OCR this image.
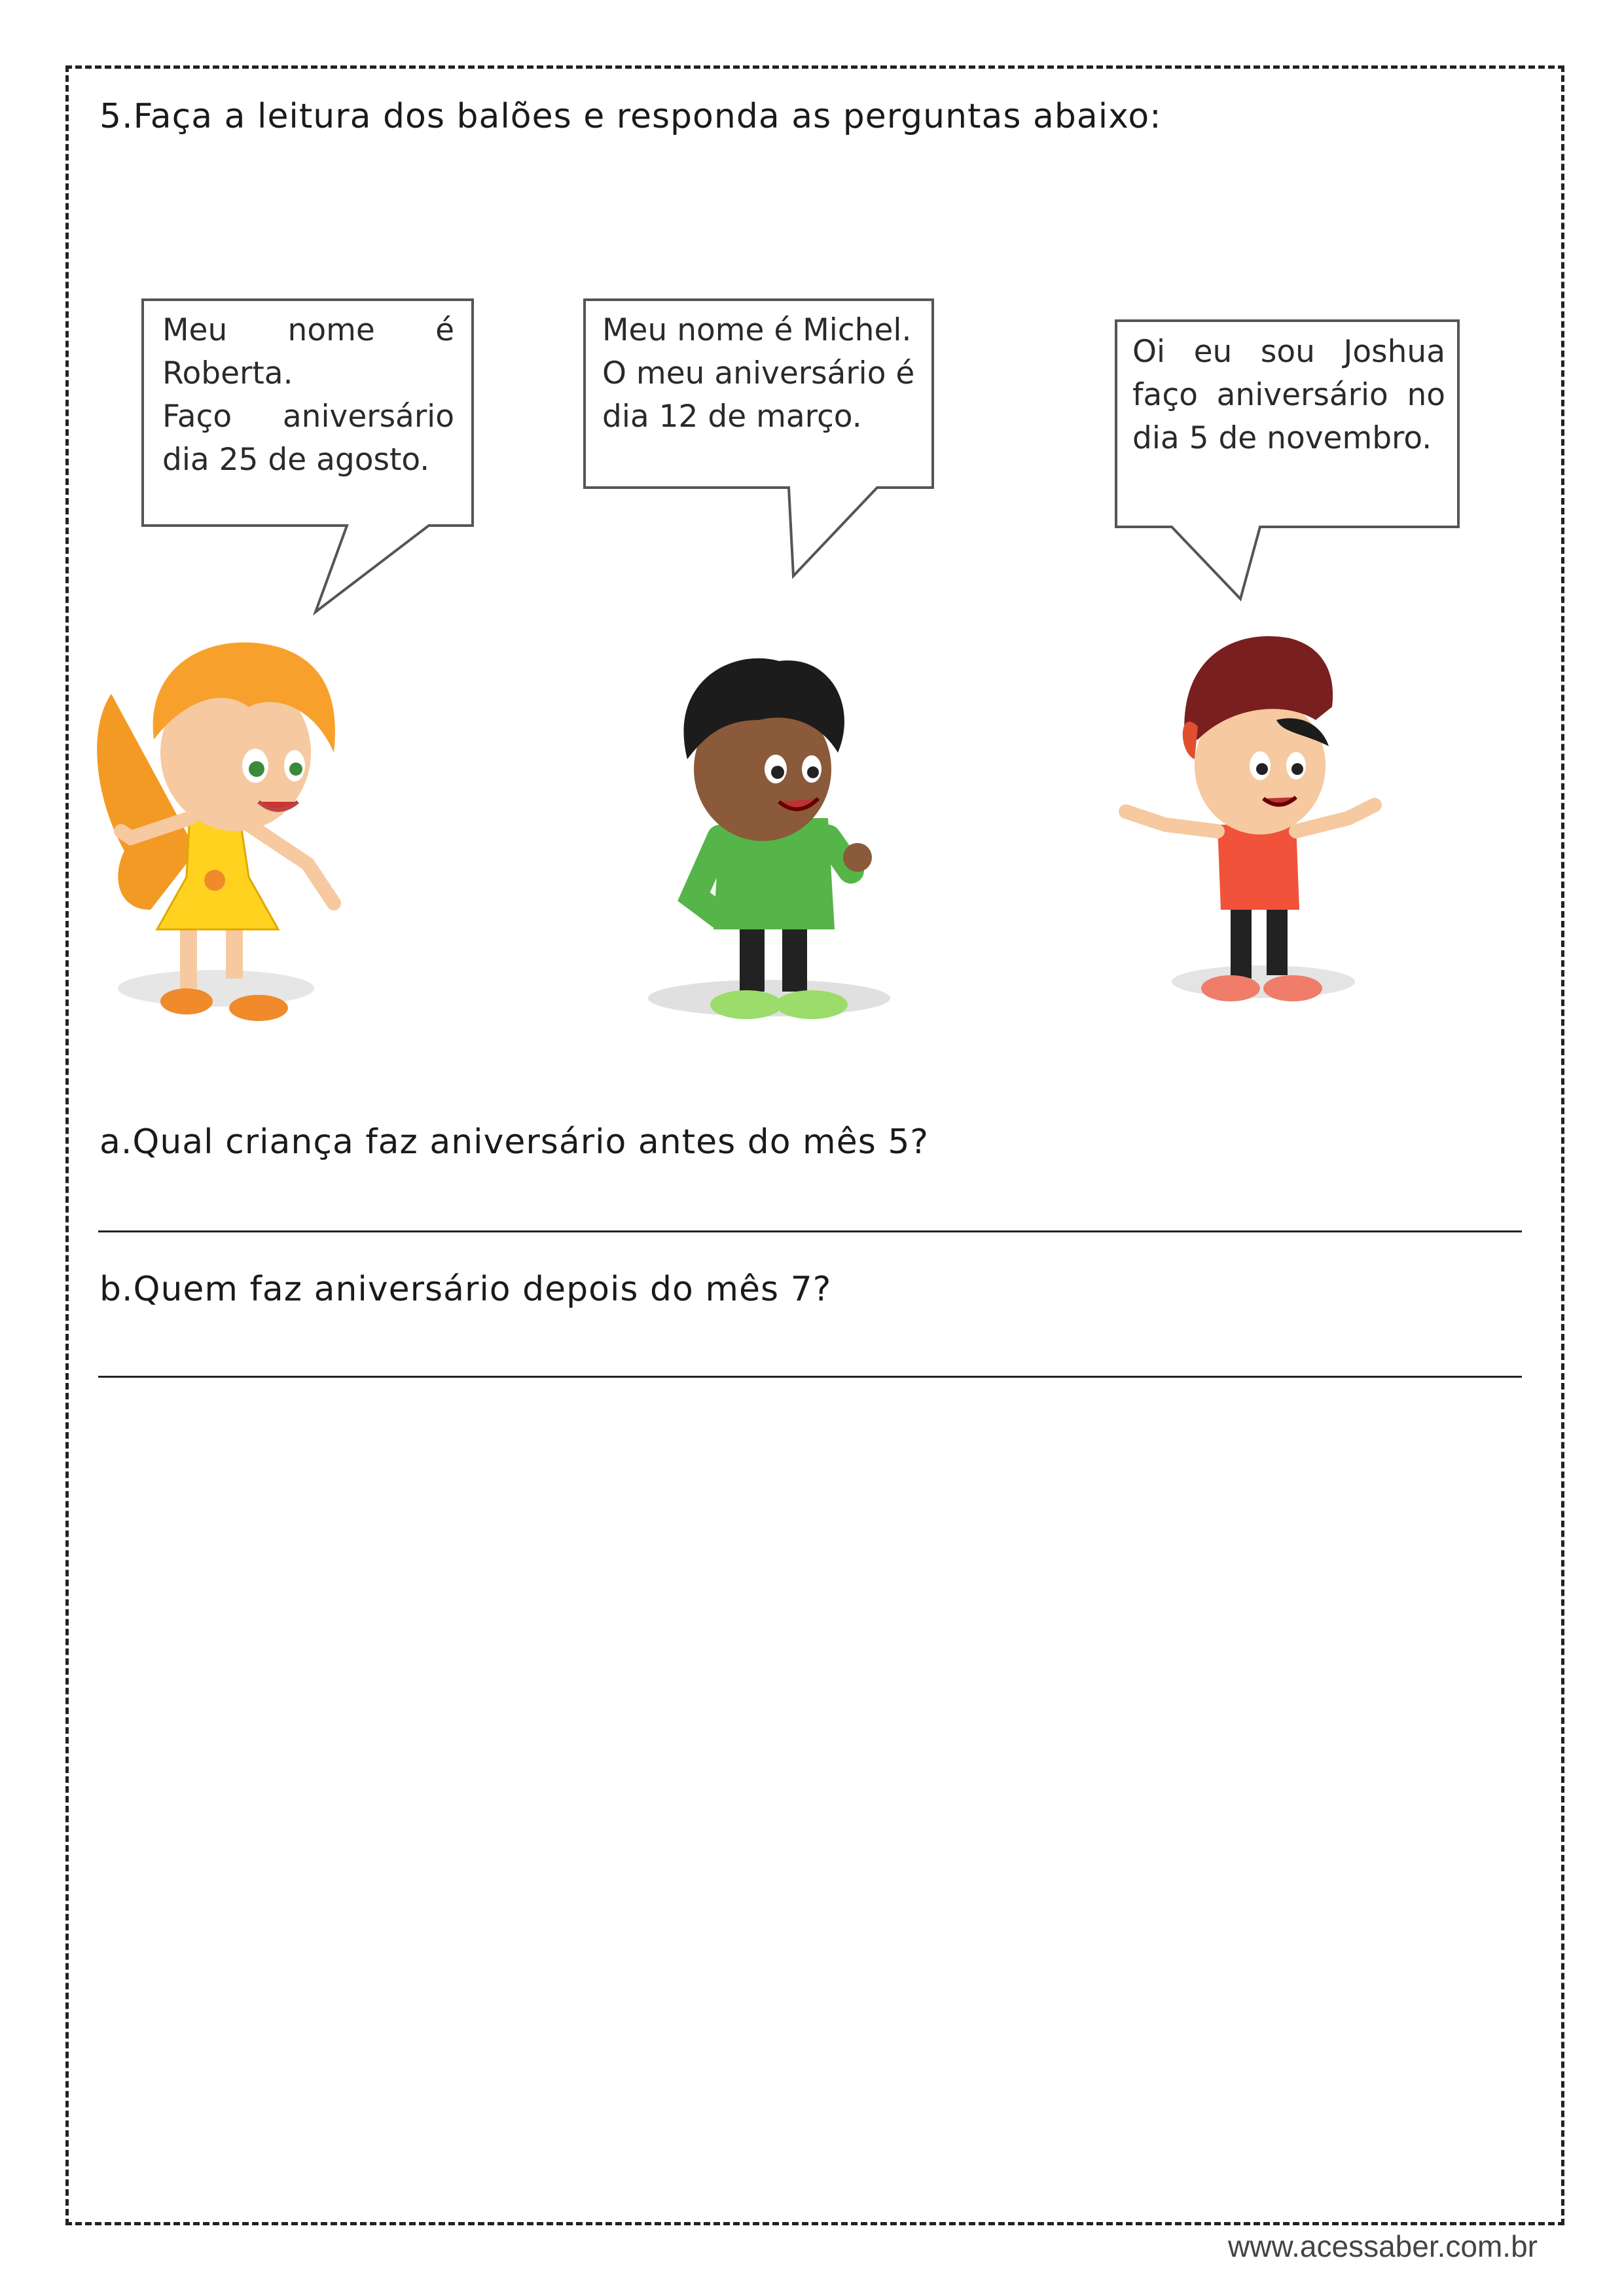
5.Faça a leitura dos balões e responda as perguntas abaixo:
Meu nome é
Roberta.
Faço aniversário
dia 25 de agosto.
Meu nome é Michel.
O meu aniversário é
dia 12 de março.
Oi eu sou Joshua
faço aniversário no
dia 5 de novembro.
a.Qual criança faz aniversário antes do mês 5?
b.Quem faz aniversário depois do mês 7?
www.acessaber.com.br
